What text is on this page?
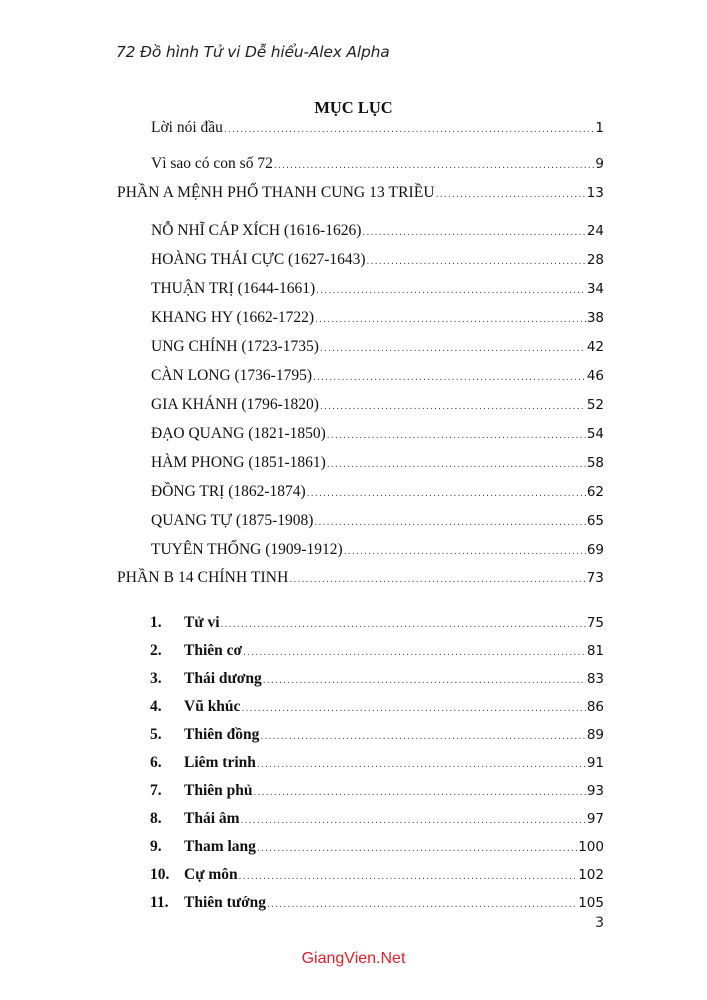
72 Đồ hình Tử vi Dễ hiểu-Alex Alpha
MỤC LỤC
Lời nói đầu .....	1
Vì sao có con số 72 .....	9
PHẦN A MỆNH PHỔ THANH CUNG 13 TRIỀU .....	13
NỖ NHĨ CÁP XÍCH (1616-1626) .....	24
HOÀNG THÁI CỰC (1627-1643) .....	28
THUẬN TRỊ (1644-1661) .....	34
KHANG HY (1662-1722) .....	38
UNG CHÍNH (1723-1735) .....	42
CÀN LONG (1736-1795) .....	46
GIA KHÁNH (1796-1820) .....	52
ĐẠO QUANG (1821-1850) .....	54
HÀM PHONG (1851-1861) .....	58
ĐỒNG TRỊ (1862-1874) .....	62
QUANG TỰ (1875-1908) .....	65
TUYÊN THỐNG (1909-1912) .....	69
PHẦN B 14 CHÍNH TINH .....	73
1.	Tử vi .....	75
2.	Thiên cơ .....	81
3.	Thái dương .....	83
4.	Vũ khúc .....	86
5.	Thiên đồng .....	89
6.	Liêm trinh .....	91
7.	Thiên phủ .....	93
8.	Thái âm .....	97
9.	Tham lang .....	100
10. Cự môn .....	102
11. Thiên tướng .....	105
3
GiangVien.Net
